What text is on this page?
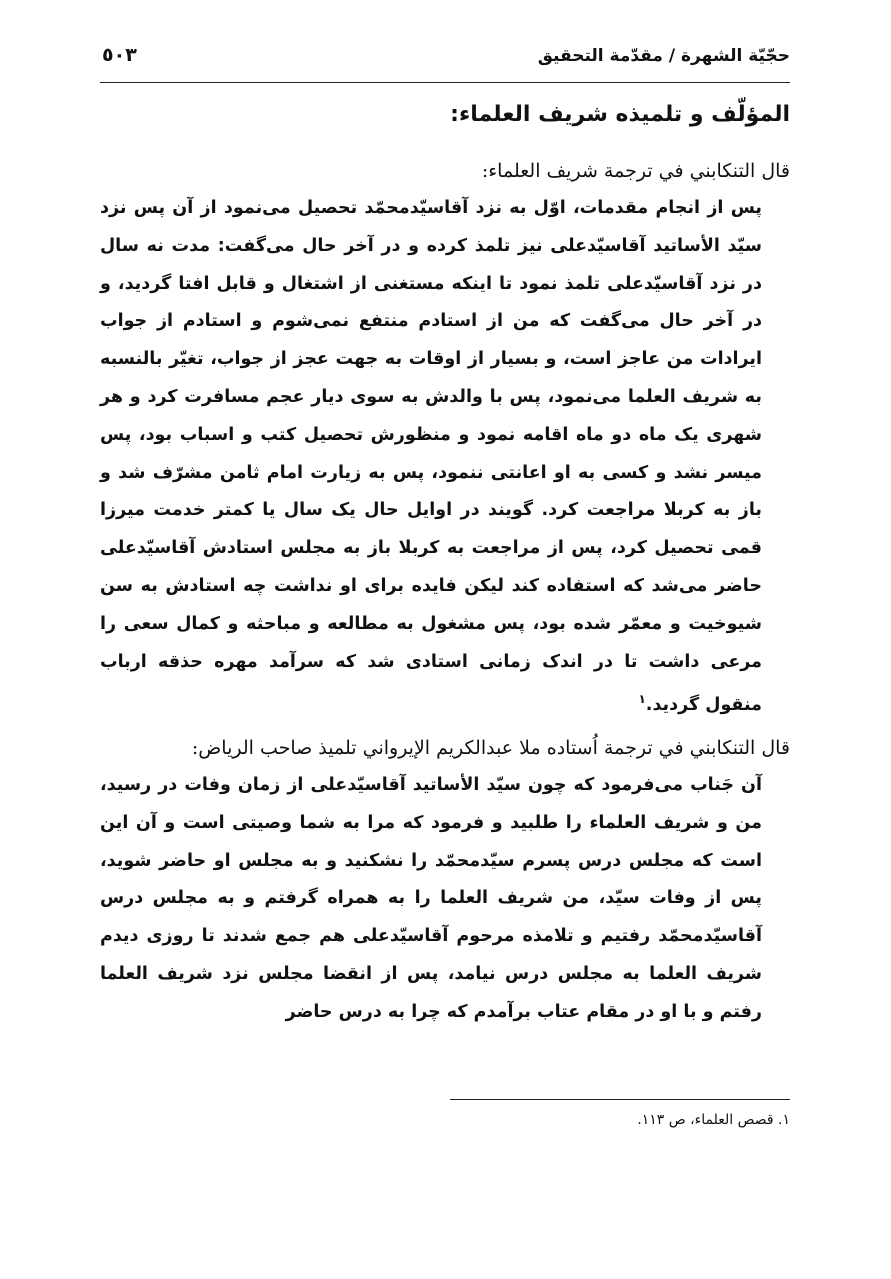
حجّيّة الشهرة / مقدّمة التحقيق
٥٠٣
المؤلّف و تلميذه شريف العلماء:
قال التنكابني في ترجمة شريف العلماء:
پس از انجام مقدمات، اوّل به نزد آقاسيّدمحمّد تحصيل مى‌نمود از آن پس نزد سيّد الأساتيد آقاسيّدعلى نيز تلمذ كرده و در آخر حال مى‌گفت: مدت نه سال در نزد آقاسيّدعلى تلمذ نمود تا اينكه مستغنى از اشتغال و قابل افتا گرديد، و در آخر حال مى‌گفت كه من از استادم منتفع نمى‌شوم و استادم از جواب ايرادات من عاجز است، و بسيار از اوقات به جهت عجز از جواب، تغيّر بالنسبه به شريف العلما مى‌نمود، پس با والدش به سوى ديار عجم مسافرت كرد و هر شهرى يک ماه دو ماه اقامه نمود و منظورش تحصيل كتب و اسباب بود، پس ميسر نشد و كسى به او اعانتى ننمود، پس به زيارت امام ثامن مشرّف شد و باز به كربلا مراجعت كرد. گويند در اوايل حال يک سال يا كمتر خدمت ميرزا قمى تحصيل كرد، پس از مراجعت به كربلا باز به مجلس استادش آقاسيّدعلى حاضر مى‌شد كه استفاده كند ليكن فايده براى او نداشت چه استادش به سن شيوخيت و معمّر شده بود، پس مشغول به مطالعه و مباحثه و كمال سعى را مرعى داشت تا در اندک زمانى استادى شد كه سرآمد مهره حذقه ارباب منقول گرديد.$^١$
قال التنكابني في ترجمة اُستاده ملا عبدالكريم الإيرواني تلميذ صاحب الرياض:
آن جَناب مى‌فرمود كه چون سيّد الأساتيد آقاسيّدعلى از زمان وفات در رسيد، من و شريف العلماء را طلبيد و فرمود كه مرا به شما وصيتى است و آن اين است كه مجلس درس پسرم سيّدمحمّد را نشكنيد و به مجلس او حاضر شويد، پس از وفات سيّد، من شريف العلما را به همراه گرفتم و به مجلس درس آقاسيّدمحمّد رفتيم و تلامذه مرحوم آقاسيّدعلى هم جمع شدند تا روزى ديدم شريف العلما به مجلس درس نيامد، پس از انقضا مجلس نزد شريف العلما رفتم و با او در مقام عتاب برآمدم كه چرا به درس حاضر
١. قصص العلماء، ص ١١٣.
